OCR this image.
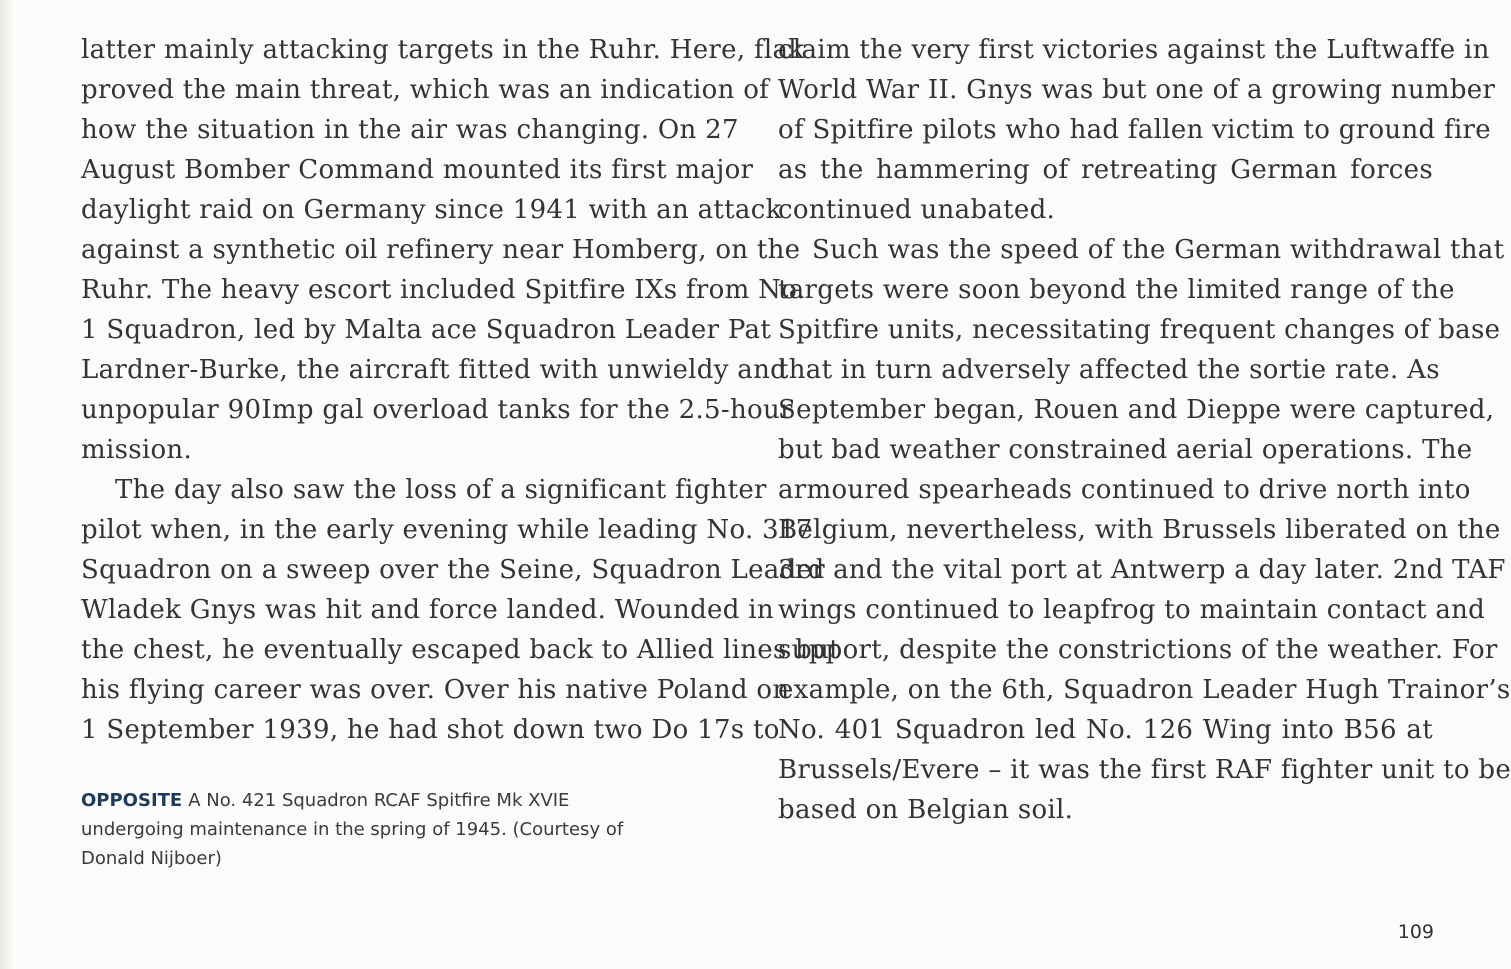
latter mainly attacking targets in the Ruhr. Here, flak
proved the main threat, which was an indication of
how the situation in the air was changing. On 27
August Bomber Command mounted its first major
daylight raid on Germany since 1941 with an attack
against a synthetic oil refinery near Homberg, on the
Ruhr. The heavy escort included Spitfire IXs from No.
1 Squadron, led by Malta ace Squadron Leader Pat
Lardner-Burke, the aircraft fitted with unwieldy and
unpopular 90Imp gal overload tanks for the 2.5-hour
mission.
The day also saw the loss of a significant fighter
pilot when, in the early evening while leading No. 317
Squadron on a sweep over the Seine, Squadron Leader
Wladek Gnys was hit and force landed. Wounded in
the chest, he eventually escaped back to Allied lines but
his flying career was over. Over his native Poland on
1 September 1939, he had shot down two Do 17s to
claim the very first victories against the Luftwaffe in
World War II. Gnys was but one of a growing number
of Spitfire pilots who had fallen victim to ground fire
as the hammering of retreating German forces
continued unabated.
Such was the speed of the German withdrawal that
targets were soon beyond the limited range of the
Spitfire units, necessitating frequent changes of base
that in turn adversely affected the sortie rate. As
September began, Rouen and Dieppe were captured,
but bad weather constrained aerial operations. The
armoured spearheads continued to drive north into
Belgium, nevertheless, with Brussels liberated on the
3rd and the vital port at Antwerp a day later. 2nd TAF
wings continued to leapfrog to maintain contact and
support, despite the constrictions of the weather. For
example, on the 6th, Squadron Leader Hugh Trainor’s
No. 401 Squadron led No. 126 Wing into B56 at
Brussels/Evere – it was the first RAF fighter unit to be
based on Belgian soil.
OPPOSITE A No. 421 Squadron RCAF Spitfire Mk XVIE
undergoing maintenance in the spring of 1945. (Courtesy of
Donald Nijboer)
109
